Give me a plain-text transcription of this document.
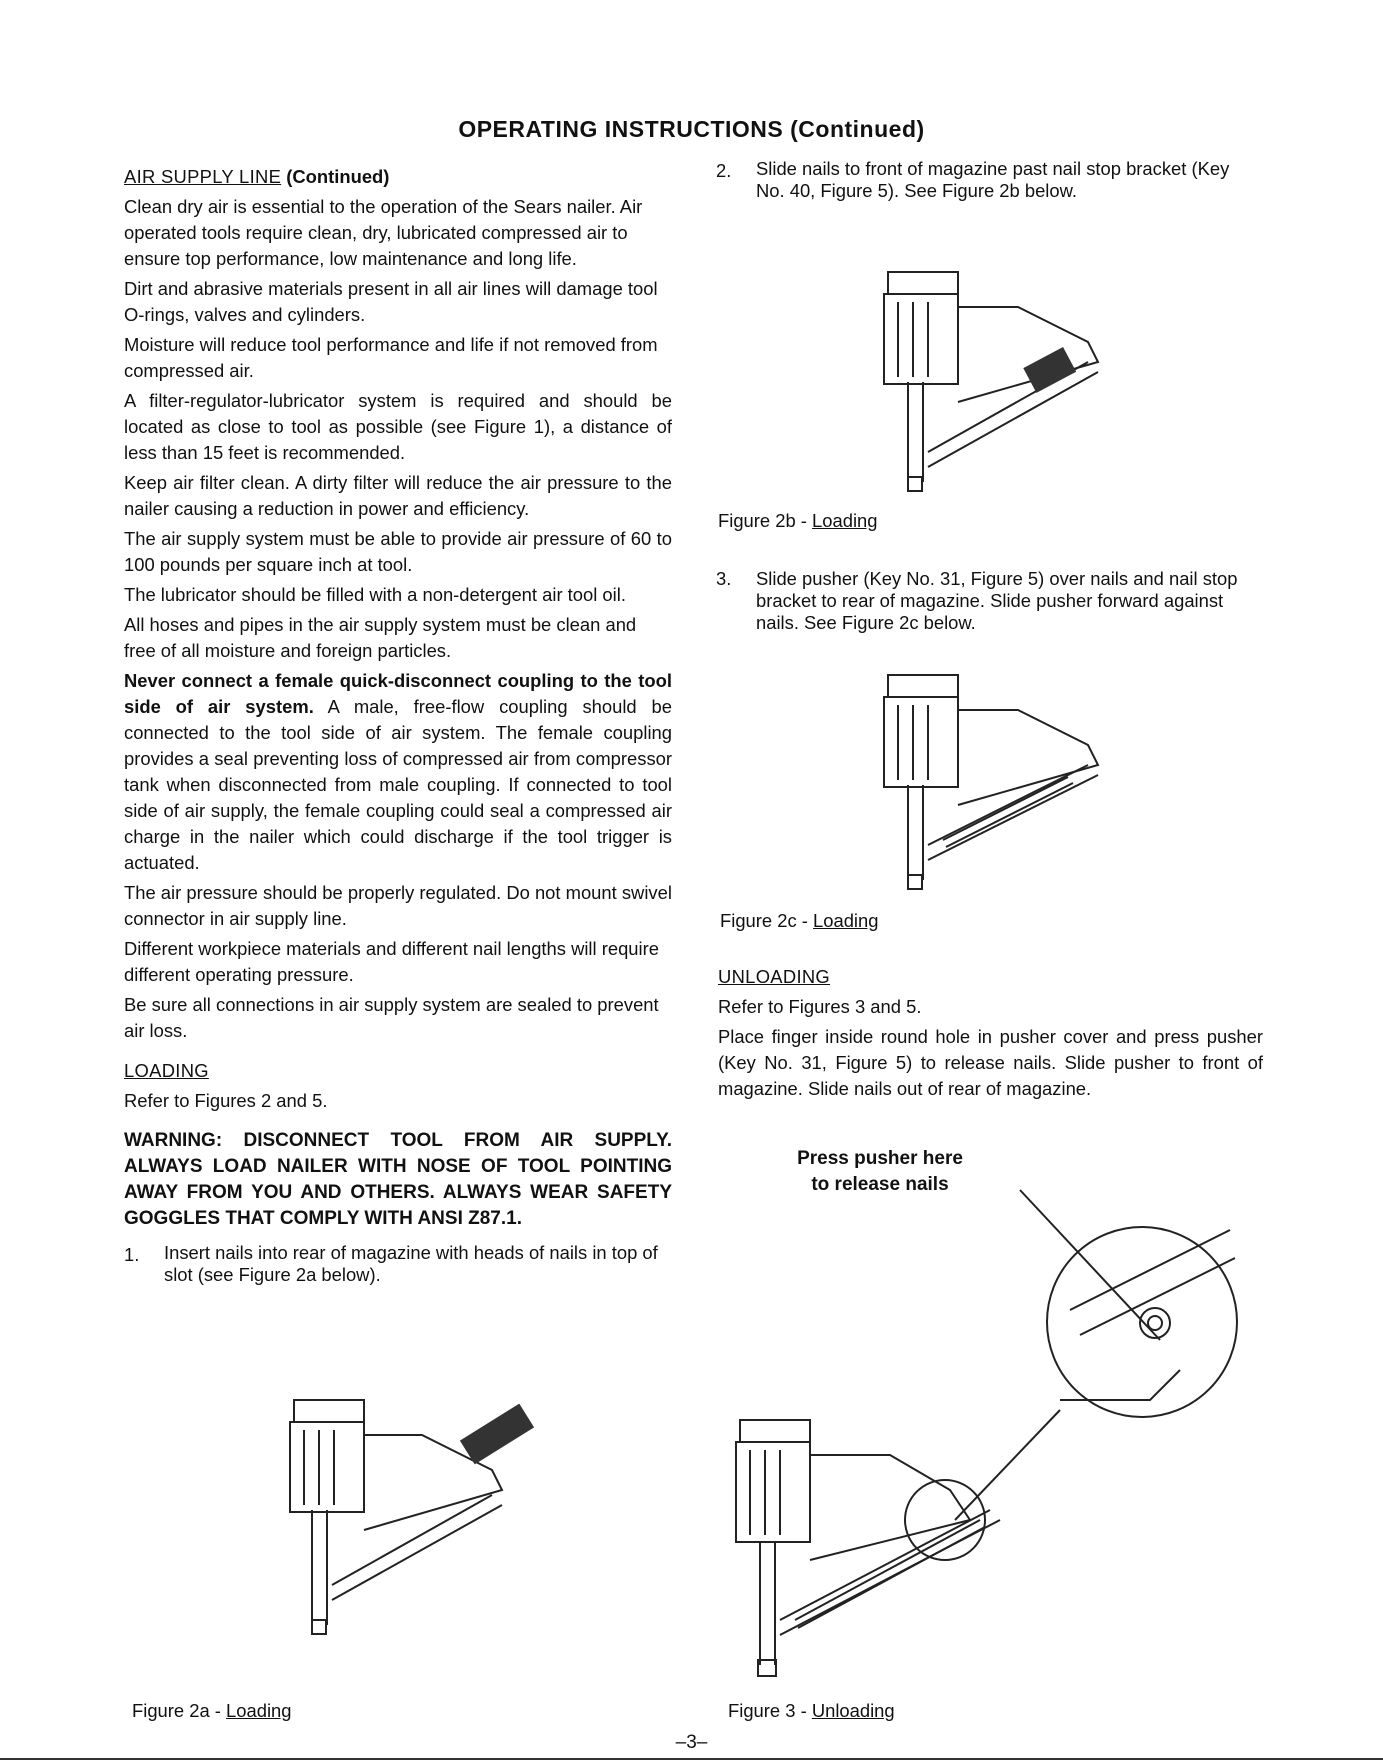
OPERATING INSTRUCTIONS (Continued)
AIR SUPPLY LINE (Continued)

Clean dry air is essential to the operation of the Sears nailer. Air operated tools require clean, dry, lubricated compressed air to ensure top performance, low maintenance and long life.

Dirt and abrasive materials present in all air lines will damage tool O-rings, valves and cylinders.

Moisture will reduce tool performance and life if not removed from compressed air.

A filter-regulator-lubricator system is required and should be located as close to tool as possible (see Figure 1), a distance of less than 15 feet is recommended.

Keep air filter clean. A dirty filter will reduce the air pressure to the nailer causing a reduction in power and efficiency.

The air supply system must be able to provide air pressure of 60 to 100 pounds per square inch at tool.

The lubricator should be filled with a non-detergent air tool oil.

All hoses and pipes in the air supply system must be clean and free of all moisture and foreign particles.

Never connect a female quick-disconnect coupling to the tool side of air system. A male, free-flow coupling should be connected to the tool side of air system. The female coupling provides a seal preventing loss of compressed air from compressor tank when disconnected from male coupling. If connected to tool side of air supply, the female coupling could seal a compressed air charge in the nailer which could discharge if the tool trigger is actuated.

The air pressure should be properly regulated. Do not mount swivel connector in air supply line.

Different workpiece materials and different nail lengths will require different operating pressure.

Be sure all connections in air supply system are sealed to prevent air loss.

LOADING

Refer to Figures 2 and 5.

WARNING: DISCONNECT TOOL FROM AIR SUPPLY. ALWAYS LOAD NAILER WITH NOSE OF TOOL POINTING AWAY FROM YOU AND OTHERS. ALWAYS WEAR SAFETY GOGGLES THAT COMPLY WITH ANSI Z87.1.
1.	Insert nails into rear of magazine with heads of nails in top of slot (see Figure 2a below).
2.	Slide nails to front of magazine past nail stop bracket (Key No. 40, Figure 5). See Figure 2b below.
3.	Slide pusher (Key No. 31, Figure 5) over nails and nail stop bracket to rear of magazine. Slide pusher forward against nails. See Figure 2c below.
UNLOADING

Refer to Figures 3 and 5.

Place finger inside round hole in pusher cover and press pusher (Key No. 31, Figure 5) to release nails. Slide pusher to front of magazine. Slide nails out of rear of magazine.

Press pusher here
to release nails
Figure 2b - Loading
Figure 2c - Loading
Figure 2a - Loading	Figure 3 - Unloading
–3–
